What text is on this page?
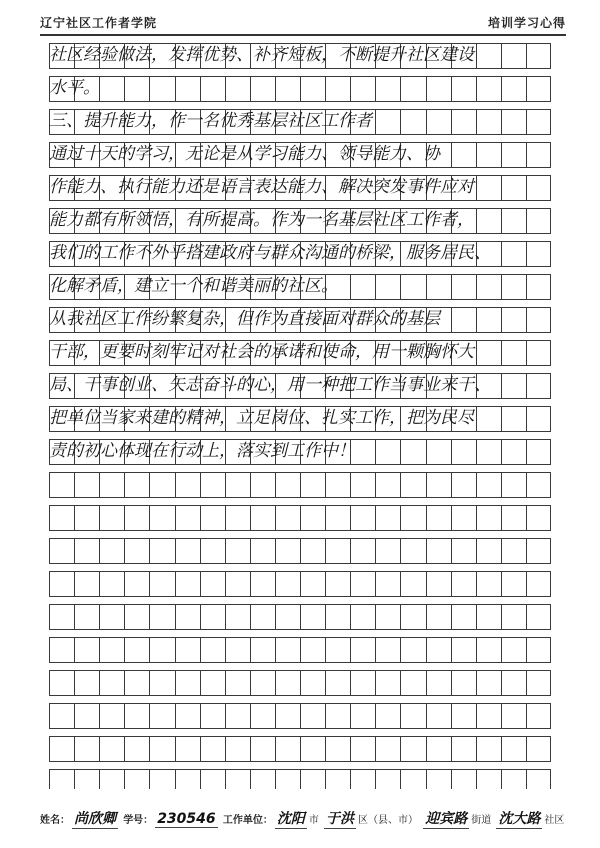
辽宁社区工作者学院	培训学习心得
社区经验做法，发挥优势、补齐短板，不断提升社区建设
水平。
三、提升能力，作一名优秀基层社区工作者
通过十天的学习，无论是从学习能力、领导能力、协
作能力、执行能力还是语言表达能力、解决突发事件应对
能力都有所领悟，有所提高。作为一名基层社区工作者，
我们的工作不外乎搭建政府与群众沟通的桥梁，服务居民、
化解矛盾，建立一个和谐美丽的社区。
从我社区工作纷繁复杂，但作为直接面对群众的基层
干部，更要时刻牢记对社会的承诺和使命，用一颗胸怀大
局、干事创业、矢志奋斗的心，用一种把工作当事业来干、
把单位当家来建的精神，立足岗位、扎实工作，把为民尽
责的初心体现在行动上，落实到工作中！
姓名： 尚欣卿 学号： 230546 工作单位： 沈阳 市 于洪 区（县、市） 迎宾路 街道 沈大路 社区
